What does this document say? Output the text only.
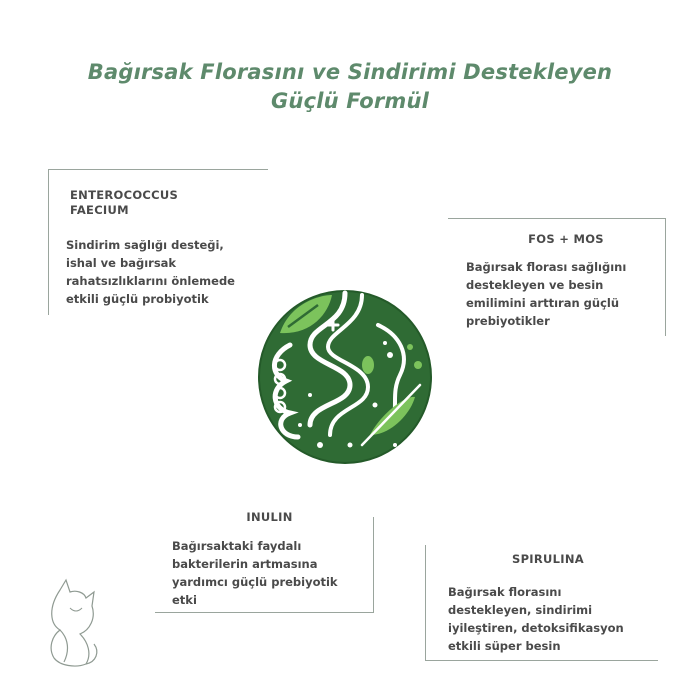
Bağırsak Florasını ve Sindirimi Destekleyen
Güçlü Formül
ENTEROCOCCUS
FAECIUM
Sindirim sağlığı desteği,
ishal ve bağırsak
rahatsızlıklarını önlemede
etkili güçlü probiyotik
FOS + MOS
Bağırsak florası sağlığını
destekleyen ve besin
emilimini arttıran güçlü
prebiyotikler
INULIN
Bağırsaktaki faydalı
bakterilerin artmasına
yardımcı güçlü prebiyotik
etki
SPIRULINA
Bağırsak florasını
destekleyen, sindirimi
iyileştiren, detoksifikasyon
etkili süper besin
